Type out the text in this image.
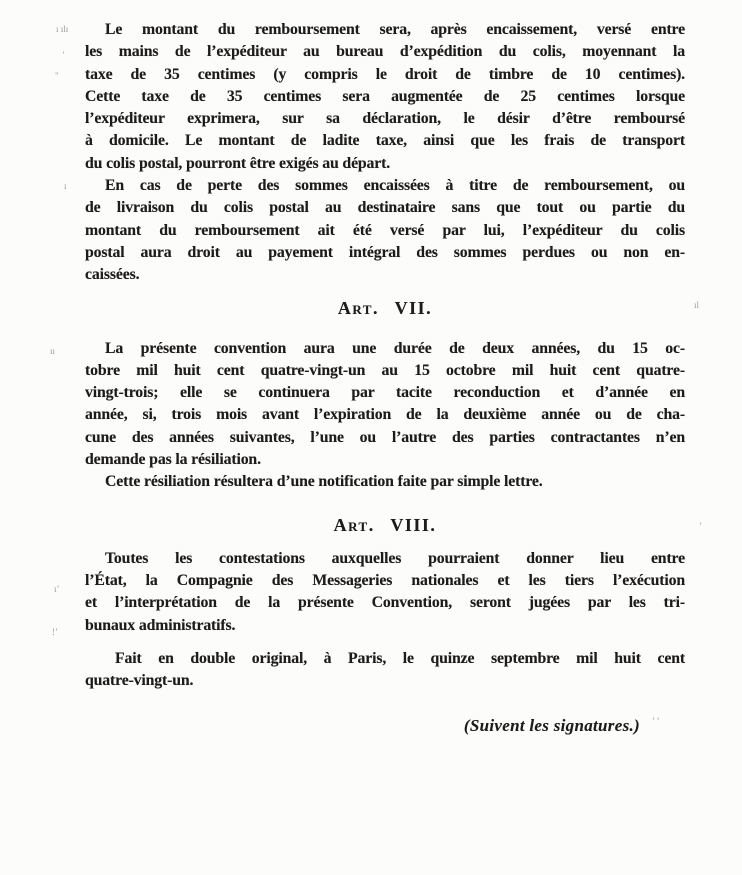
Le montant du remboursement sera, après encaissement, versé entre
les mains de l’expéditeur au bureau d’expédition du colis, moyennant la
taxe de 35 centimes (y compris le droit de timbre de 10 centimes).
Cette taxe de 35 centimes sera augmentée de 25 centimes lorsque
l’expéditeur exprimera, sur sa déclaration, le désir d’être remboursé
à domicile. Le montant de ladite taxe, ainsi que les frais de transport
du colis postal, pourront être exigés au départ.
En cas de perte des sommes encaissées à titre de remboursement, ou
de livraison du colis postal au destinataire sans que tout ou partie du
montant du remboursement ait été versé par lui, l’expéditeur du colis
postal aura droit au payement intégral des sommes perdues ou non en-
caissées.
Art. VII.
La présente convention aura une durée de deux années, du 15 oc-
tobre mil huit cent quatre-vingt-un au 15 octobre mil huit cent quatre-
vingt-trois; elle se continuera par tacite reconduction et d’année en
année, si, trois mois avant l’expiration de la deuxième année ou de cha-
cune des années suivantes, l’une ou l’autre des parties contractantes n’en
demande pas la résiliation.
Cette résiliation résultera d’une notification faite par simple lettre.
Art. VIII.
Toutes les contestations auxquelles pourraient donner lieu entre
l’État, la Compagnie des Messageries nationales et les tiers l’exécution
et l’interprétation de la présente Convention, seront jugées par les tri-
bunaux administratifs.
Fait en double original, à Paris, le quinze septembre mil huit cent
quatre-vingt-un.
(Suivent les signatures.)
ı ılı
’
"
ı
ıı
ıl
’
ı’
!’
’ ’
